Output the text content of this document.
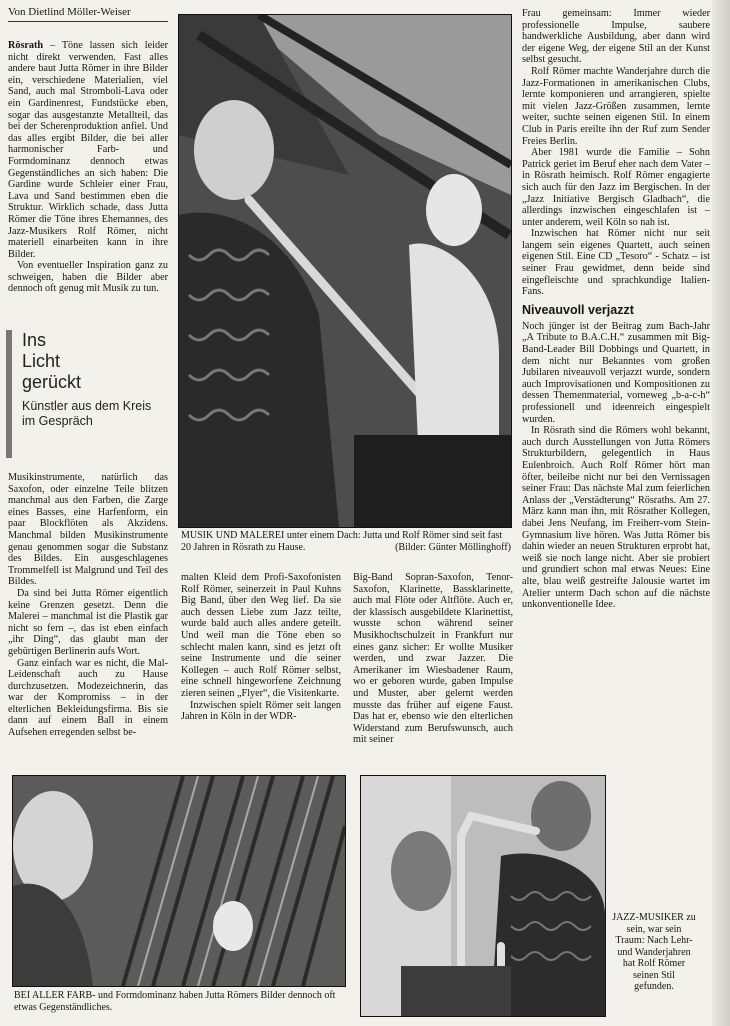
Von Dietlind Möller-Weiser

Rösrath – Töne lassen sich leider nicht direkt verwenden. Fast alles andere baut Jutta Römer in ihre Bilder ein, verschiedene Materialien, viel Sand, auch mal Stromboli-Lava oder ein Gardinenrest, Fundstücke eben, sogar das ausgestanzte Metallteil, das bei der Scherenproduktion anfiel. Und das alles ergibt Bilder, die bei aller harmonischer Farb- und Formdominanz dennoch etwas Gegenständliches an sich haben: Die Gardine wurde Schleier einer Frau, Lava und Sand bestimmen eben die Struktur. Wirklich schade, dass Jutta Römer die Töne ihres Ehemannes, des Jazz-Musikers Rolf Römer, nicht materiell einarbeiten kann in ihre Bilder.

Von eventueller Inspiration ganz zu schweigen, haben die Bilder aber dennoch oft genug mit Musik zu tun.

Ins
Licht
gerückt
Künstler aus dem Kreis im Gespräch

Musikinstrumente, natürlich das Saxofon, oder einzelne Teile blitzen manchmal aus den Farben, die Zarge eines Basses, eine Harfenform, ein paar Blockflöten als Akzidens. Manchmal bilden Musikinstrumente genau genommen sogar die Substanz des Bildes. Ein ausgeschlagenes Trommelfell ist Malgrund und Teil des Bildes.

Da sind bei Jutta Römer eigentlich keine Grenzen gesetzt. Denn die Malerei – manchmal ist die Plastik gar nicht so fern –, das ist eben einfach „ihr Ding“, das glaubt man der gebürtigen Berlinerin aufs Wort.

Ganz einfach war es nicht, die Mal-Leidenschaft auch zu Hause durchzusetzen. Modezeichnerin, das war der Kompromiss – in der elterlichen Bekleidungsfirma. Bis sie dann auf einem Ball in einem Aufsehen erregenden selbst be-

MUSIK UND MALEREI unter einem Dach: Jutta und Rolf Römer sind seit fast 20 Jahren in Rösrath zu Hause.	(Bilder: Günter Möllinghoff)

malten Kleid dem Profi-Saxofonisten Rolf Römer, seinerzeit in Paul Kuhns Big Band, über den Weg lief. Da sie auch dessen Liebe zum Jazz teilte, wurde bald auch alles andere geteilt. Und weil man die Töne eben so schlecht malen kann, sind es jetzt oft seine Instrumente und die seiner Kollegen – auch Rolf Römer selbst, eine schnell hingeworfene Zeichnung zieren seinen „Flyer“, die Visitenkarte.

Inzwischen spielt Römer seit langen Jahren in Köln in der WDR-

Big-Band Sopran-Saxofon, Tenor-Saxofon, Klarinette, Bassklarinette, auch mal Flöte oder Altflöte. Auch er, der klassisch ausgebildete Klarinettist, wusste schon während seiner Musikhochschulzeit in Frankfurt nur eines ganz sicher: Er wollte Musiker werden, und zwar Jazzer. Die Amerikaner im Wiesbadener Raum, wo er geboren wurde, gaben Impulse und Muster, aber gelernt werden musste das früher auf eigene Faust. Das hat er, ebenso wie den elterlichen Widerstand zum Berufswunsch, auch mit seiner

Frau gemeinsam: Immer wieder professionelle Impulse, saubere handwerkliche Ausbildung, aber dann wird der eigene Weg, der eigene Stil an der Kunst selbst gesucht.

Rolf Römer machte Wanderjahre durch die Jazz-Formationen in amerikanischen Clubs, lernte komponieren und arrangieren, spielte mit vielen Jazz-Größen zusammen, lernte weiter, suchte seinen eigenen Stil. In einem Club in Paris ereilte ihn der Ruf zum Sender Freies Berlin.

Aber 1981 wurde die Familie – Sohn Patrick geriet im Beruf eher nach dem Vater – in Rösrath heimisch. Rolf Römer engagierte sich auch für den Jazz im Bergischen. In der „Jazz Initiative Bergisch Gladbach“, die allerdings inzwischen eingeschlafen ist – unter anderem, weil Köln so nah ist.

Inzwischen hat Römer nicht nur seit langem sein eigenes Quartett, auch seinen eigenen Stil. Eine CD „Tesoro“ - Schatz – ist seiner Frau gewidmet, denn beide sind eingefleischte und sprachkundige Italien-Fans.

Niveauvoll verjazzt

Noch jünger ist der Beitrag zum Bach-Jahr „A Tribute to B.A.C.H.“ zusammen mit Big-Band-Leader Bill Dobbings und Quartett, in dem nicht nur Bekanntes vom großen Jubilaren niveauvoll verjazzt wurde, sondern auch Improvisationen und Kompositionen zu dessen Themenmaterial, vorneweg „b-a-c-h“ professionell und ideenreich eingespielt wurden.

In Rösrath sind die Römers wohl bekannt, auch durch Ausstellungen von Jutta Römers Strukturbildern, gelegentlich in Haus Eulenbroich. Auch Rolf Römer hört man öfter, beileibe nicht nur bei den Vernissagen seiner Frau: Das nächste Mal zum feierlichen Anlass der „Verstädterung“ Rösraths. Am 27. März kann man ihn, mit Rösrather Kollegen, dabei Jens Neufang, im Freiherr-vom Stein-Gymnasium live hören. Was Jutta Römer bis dahin wieder an neuen Strukturen erprobt hat, weiß sie noch lange nicht. Aber sie probiert und grundiert schon mal etwas Neues: Eine alte, blau weiß gestreifte Jalousie wartet im Atelier unterm Dach schon auf die nächste unkonventionelle Idee.

BEI ALLER FARB- und Formdominanz haben Jutta Römers Bilder dennoch oft etwas Gegenständliches.
JAZZ-MUSIKER zu sein, war sein Traum: Nach Lehr- und Wanderjahren hat Rolf Römer seinen Stil gefunden.
